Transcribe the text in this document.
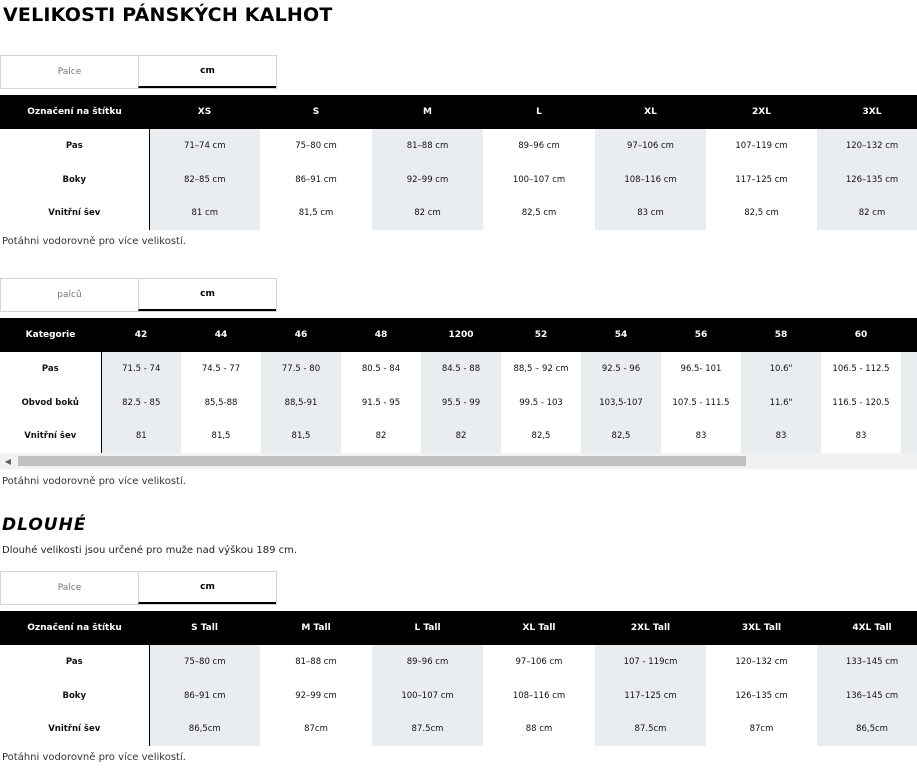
VELIKOSTI PÁNSKÝCH KALHOT
Palce	cm
Označení na štítku	XS	S	M	L	XL	2XL	3XL
Pas	71–74 cm	75–80 cm	81–88 cm	89–96 cm	97–106 cm	107–119 cm	120–132 cm
Boky	82–85 cm	86–91 cm	92–99 cm	100–107 cm	108–116 cm	117–125 cm	126–135 cm
Vnitřní šev	81 cm	81,5 cm	82 cm	82,5 cm	83 cm	82,5 cm	82 cm
Potáhni vodorovně pro více velikostí.
palců	cm
Kategorie	42	44	46	48	1200	52	54	56	58	60	
Pas	71.5 - 74	74.5 - 77	77.5 - 80	80.5 - 84	84.5 - 88	88,5 – 92 cm	92.5 - 96	96.5- 101	10.6"	106.5 - 112.5	
Obvod boků	82.5 - 85	85,5-88	88,5-91	91.5 - 95	95.5 - 99	99.5 - 103	103,5-107	107.5 - 111.5	11.6"	116.5 - 120.5	
Vnitřní šev	81	81,5	81,5	82	82	82,5	82,5	83	83	83	
◀
Potáhni vodorovně pro více velikostí.
DLOUHÉ
Dlouhé velikosti jsou určené pro muže nad výškou 189 cm.
Palce	cm
Označení na štítku	S Tall	M Tall	L Tall	XL Tall	2XL Tall	3XL Tall	4XL Tall
Pas	75–80 cm	81–88 cm	89–96 cm	97–106 cm	107 - 119cm	120–132 cm	133–145 cm
Boky	86–91 cm	92–99 cm	100–107 cm	108–116 cm	117–125 cm	126–135 cm	136–145 cm
Vnitřní šev	86,5cm	87cm	87.5cm	88 cm	87.5cm	87cm	86,5cm
Potáhni vodorovně pro více velikostí.
